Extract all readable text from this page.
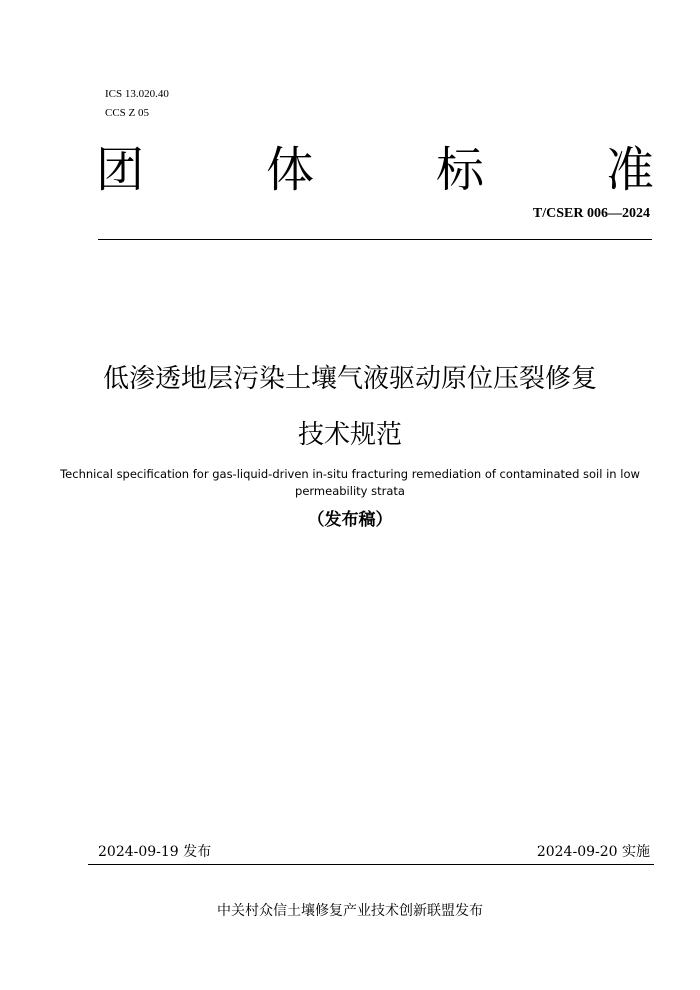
ICS 13.020.40
CCS Z 05
团	体	标	准
T/CSER 006—2024
低渗透地层污染土壤气液驱动原位压裂修复
技术规范
Technical specification for gas-liquid-driven in-situ fracturing remediation of contaminated soil in low permeability strata
（发布稿）
2024-09-19 发布	2024-09-20 实施
中关村众信土壤修复产业技术创新联盟发布
